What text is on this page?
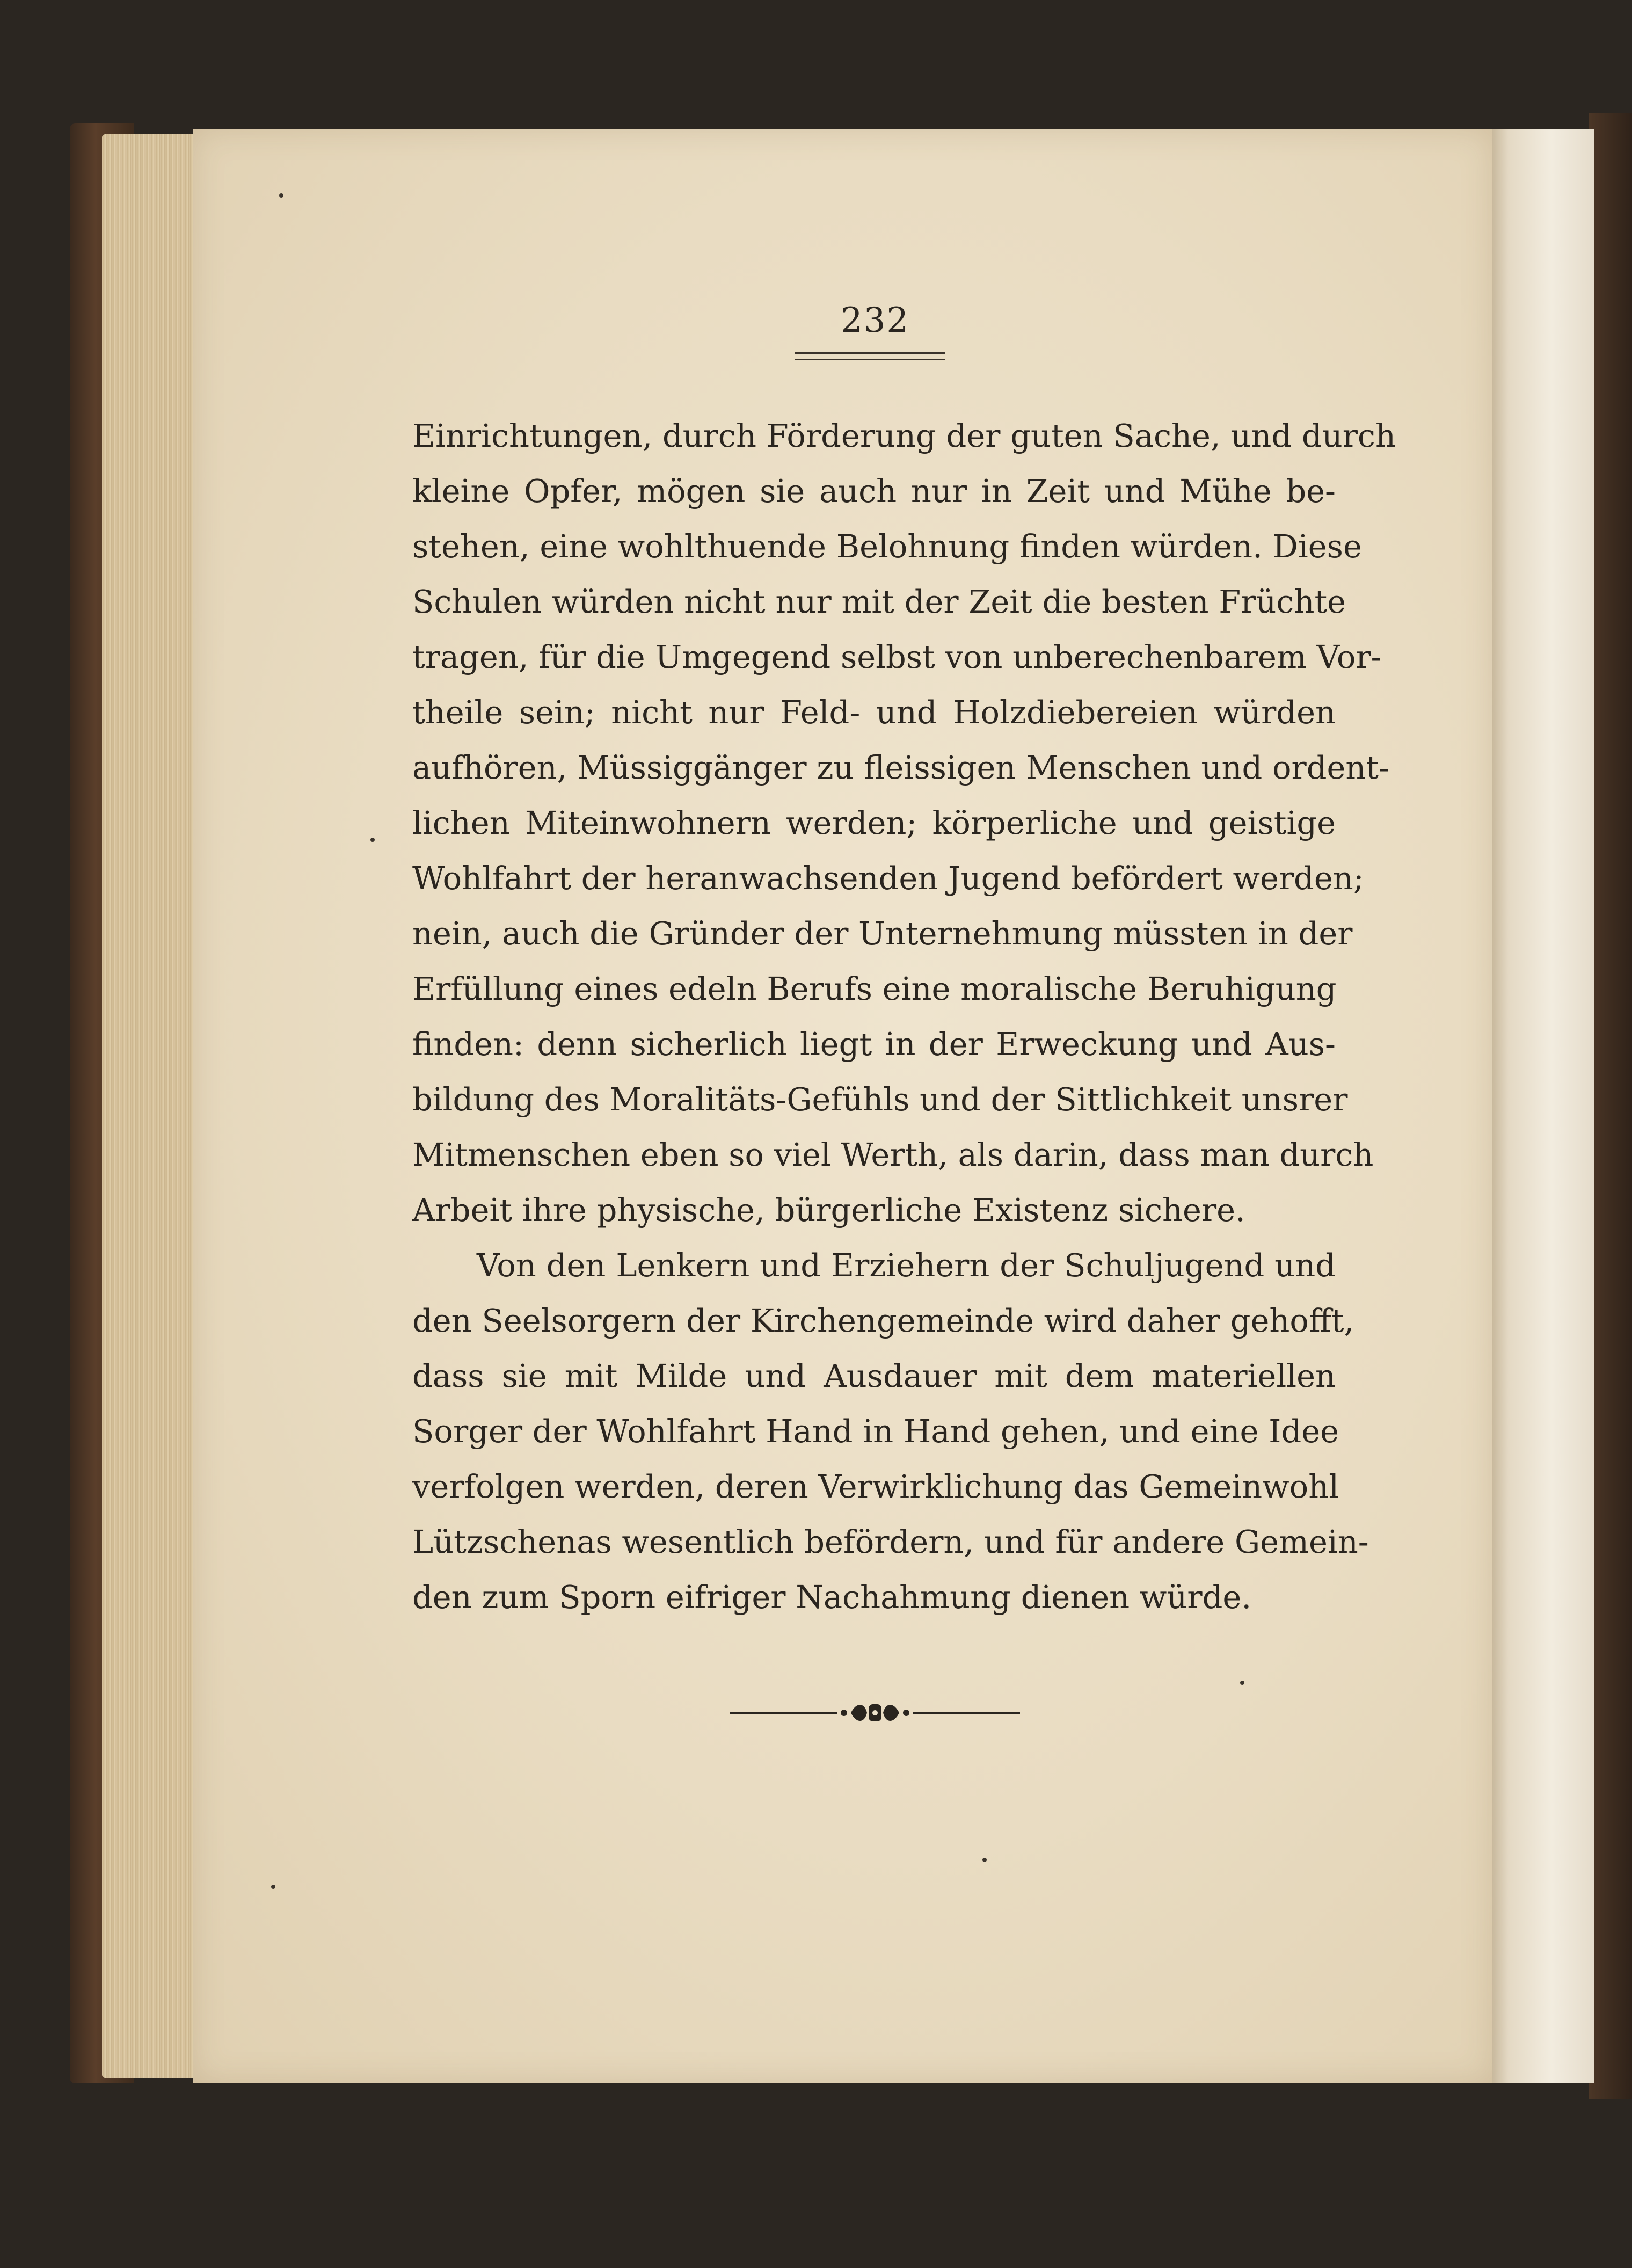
232
Einrichtungen, durch Förderung der guten Sache, und durch
kleine Opfer, mögen sie auch nur in Zeit und Mühe be-
stehen, eine wohlthuende Belohnung finden würden. Diese
Schulen würden nicht nur mit der Zeit die besten Früchte
tragen, für die Umgegend selbst von unberechenbarem Vor-
theile sein; nicht nur Feld- und Holzdiebereien würden
aufhören, Müssiggänger zu fleissigen Menschen und ordent-
lichen Miteinwohnern werden; körperliche und geistige
Wohlfahrt der heranwachsenden Jugend befördert werden;
nein, auch die Gründer der Unternehmung müssten in der
Erfüllung eines edeln Berufs eine moralische Beruhigung
finden: denn sicherlich liegt in der Erweckung und Aus-
bildung des Moralitäts-Gefühls und der Sittlichkeit unsrer
Mitmenschen eben so viel Werth, als darin, dass man durch
Arbeit ihre physische, bürgerliche Existenz sichere.
Von den Lenkern und Erziehern der Schuljugend und
den Seelsorgern der Kirchengemeinde wird daher gehofft,
dass sie mit Milde und Ausdauer mit dem materiellen
Sorger der Wohlfahrt Hand in Hand gehen, und eine Idee
verfolgen werden, deren Verwirklichung das Gemeinwohl
Lützschenas wesentlich befördern, und für andere Gemein-
den zum Sporn eifriger Nachahmung dienen würde.
